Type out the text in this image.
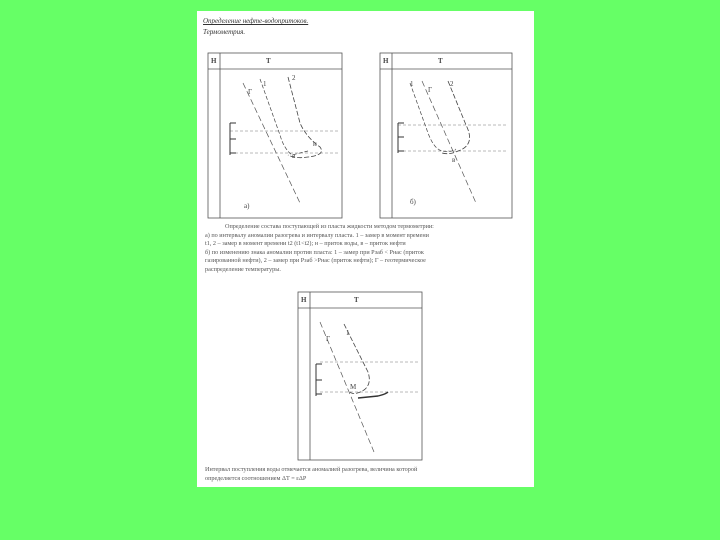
Определение нефте-водопритоков.
Термометрия.
H	T
Г
1
2
н
в
а)
H	T
1
Г
2
в
б)
Определение состава поступающей из пласта жидкости методом термометрии:
а) по интервалу аномалии разогрева и интервалу пласта. 1 – замер в момент времени
t1, 2 – замер в момент времени t2 (t1<t2); н – приток воды, в – приток нефти
б) по изменению знака аномалии против пласта: 1 – замер при Рзаб < Рнас (приток
газированной нефти), 2 – замер при Рзаб >Рнас (приток нефти); Г – геотермическое
распределение температуры.
H	T
Г
1
М
Интервал поступления воды отмечается аномалией разогрева, величина которой
определяется соотношением ΔТ = εΔР
